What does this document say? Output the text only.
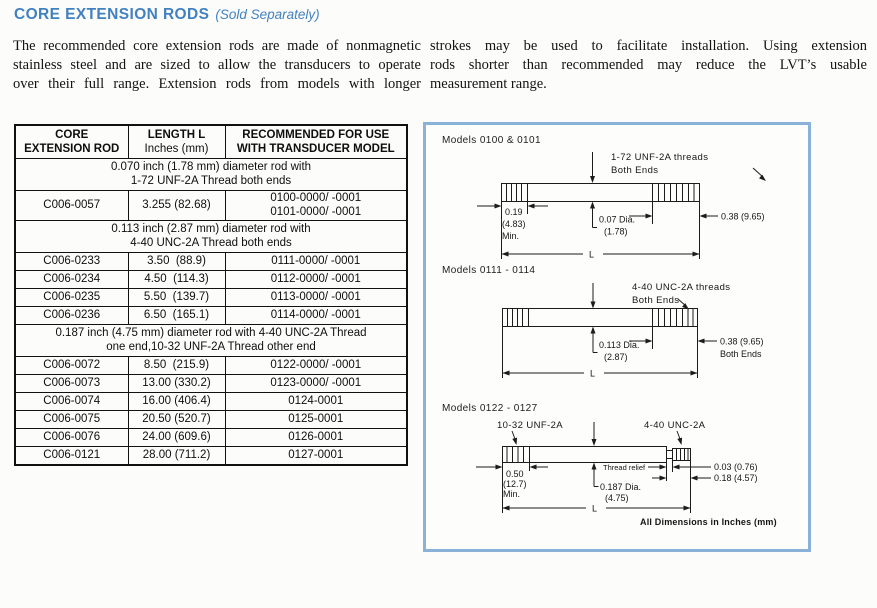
CORE EXTENSION RODS (Sold Separately)
The recommended core extension rods are made of nonmagnetic
stainless steel and are sized to allow the transducers to operate
over their full range. Extension rods from models with longer
strokes may be used to facilitate installation. Using extension
rods shorter than recommended may reduce the LVT’s usable
measurement range.
CORE
EXTENSION ROD

LENGTH L
Inches (mm)

RECOMMENDED FOR USE
WITH TRANSDUCER MODEL

0.070 inch (1.78 mm) diameter rod with
1-72 UNF-2A Thread both ends		

C006-0057	3.255 (82.68)	0100-0000/ -0001
0101-0000/ -0001

0.113 inch (2.87 mm) diameter rod with
4-40 UNC-2A Thread both ends		

C006-0233	3.50  (88.9)	0111-0000/ -0001
C006-0234	4.50  (114.3)	0112-0000/ -0001
C006-0235	5.50  (139.7)	0113-0000/ -0001
C006-0236	6.50  (165.1)	0114-0000/ -0001

0.187 inch (4.75 mm) diameter rod with 4-40 UNC-2A Thread
one end,10-32 UNF-2A Thread other end		

C006-0072	8.50  (215.9)	0122-0000/ -0001
C006-0073	13.00 (330.2)	0123-0000/ -0001
C006-0074	16.00 (406.4)	0124-0001
C006-0075	20.50 (520.7)	0125-0001
C006-0076	24.00 (609.6)	0126-0001
C006-0121	28.00 (711.2)	0127-0001
Models 0100 & 0101
1-72 UNF-2A threads
Both Ends
0.19
(4.83)
Min.
0.07 Dia.
(1.78)
0.38 (9.65)
L
Models 0111 - 0114
4-40 UNC-2A threads
Both Ends
0.113 Dia.
(2.87)
0.38 (9.65)
Both Ends
L
Models 0122 - 0127
10-32 UNF-2A	4-40 UNC-2A
0.50
(12.7)
Min.
Thread relief
0.187 Dia.
(4.75)
0.03 (0.76)
0.18 (4.57)
L
All Dimensions in Inches (mm)
